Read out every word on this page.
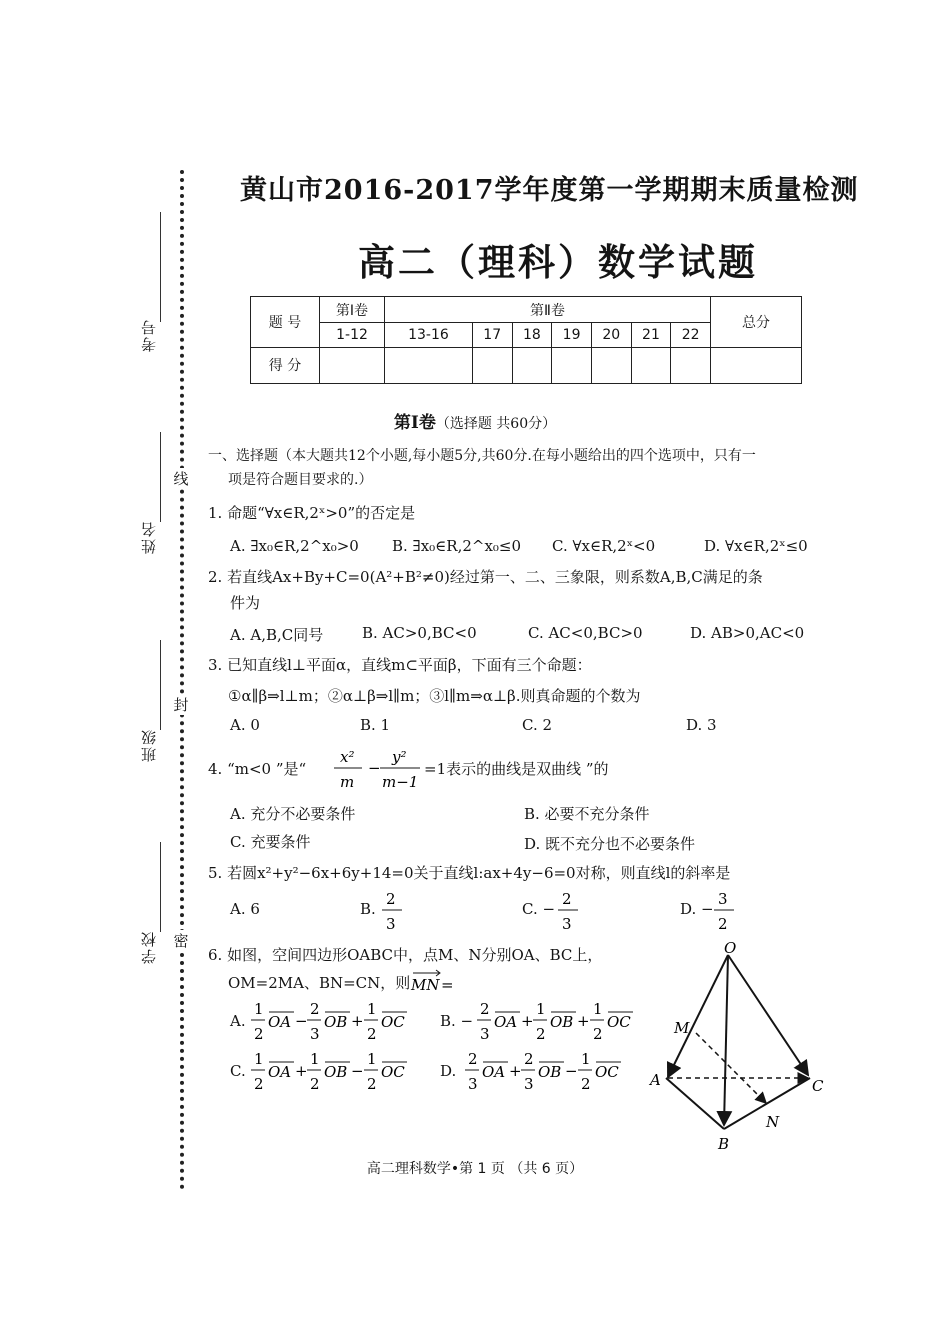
线
封
密
考号
姓名
班级
学校
黄山市2016-2017学年度第一学期期末质量检测
高二（理科）数学试题
题 号	第Ⅰ卷	第Ⅱ卷							总分
	1-12	13-16	17	18	19	20	21	22	
得 分									
第Ⅰ卷（选择题 共60分）
一、选择题（本大题共12个小题,每小题5分,共60分.在每小题给出的四个选项中，只有一
项是符合题目要求的.）
1. 命题“∀x∈R,2ˣ>0”的否定是
A. ∃x₀∈R,2^x₀>0 B. ∃x₀∈R,2^x₀≤0 C. ∀x∈R,2ˣ<0	D. ∀x∈R,2ˣ≤0
2. 若直线Ax+By+C=0(A²+B²≠0)经过第一、二、三象限，则系数A,B,C满足的条
件为
A. A,B,C同号	B. AC>0,BC<0	C. AC<0,BC>0	D. AB>0,AC<0
3. 已知直线l⊥平面α，直线m⊂平面β，下面有三个命题：
①α∥β⇒l⊥m；②α⊥β⇒l∥m；③l∥m⇒α⊥β.则真命题的个数为
A. 0	B. 1	C. 2	D. 3
4. “m<0 ”是“
x²
m
−
y²
m−1
=1表示的曲线是双曲线 ”的
A. 充分不必要条件	B. 必要不充分条件
C. 充要条件	D. 既不充分也不必要条件
5. 若圆x²+y²−6x+6y+14=0关于直线l:ax+4y−6=0对称，则直线l的斜率是
A. 6	B.
2
3
C. −
2
3
D. −
3
2
6. 如图，空间四边形OABC中，点M、N分别OA、BC上，
OM=2MA、BN=CN，则 MN =
A.
1
2
OA −
2
3
OB +
1
2
OC B. −
2
3
OA +
1
2
OB +
1
2
OC
C.
1
2
OA +
1
2
OB −
1
2
OC D.
2
3
OA +
2
3
OB −
1
2
OC
O
M
A	C
N
B
高二理科数学•第 1 页 （共 6 页）
